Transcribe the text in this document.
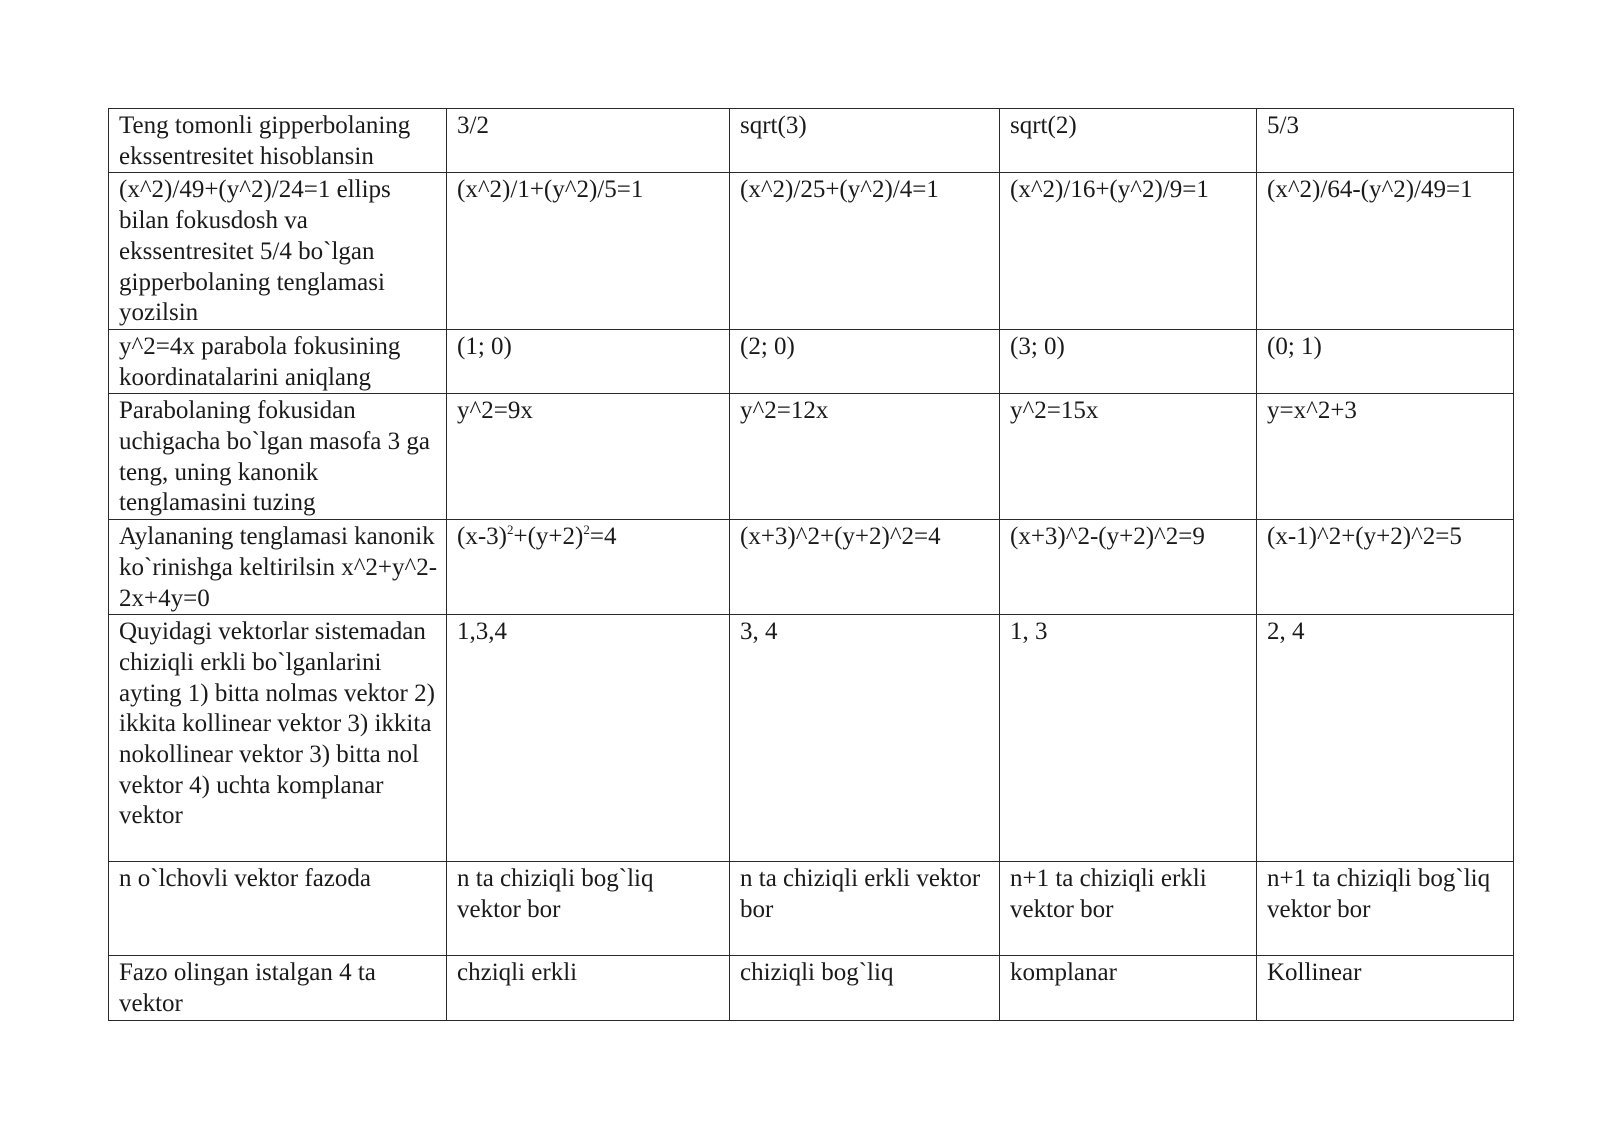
Teng tomonli gipperbolaning ekssentresitet hisoblansin	3/2	sqrt(3)	sqrt(2)	5/3
(x^2)/49+(y^2)/24=1 ellips bilan fokusdosh va ekssentresitet 5/4 bo`lgan gipperbolaning tenglamasi yozilsin	(x^2)/1+(y^2)/5=1	(x^2)/25+(y^2)/4=1	(x^2)/16+(y^2)/9=1	(x^2)/64-(y^2)/49=1
y^2=4x parabola fokusining koordinatalarini aniqlang	(1; 0)	(2; 0)	(3; 0)	(0; 1)
Parabolaning fokusidan uchigacha bo`lgan masofa 3 ga teng, uning kanonik tenglamasini tuzing	y^2=9x	y^2=12x	y^2=15x	y=x^2+3
Aylananing tenglamasi kanonik ko`rinishga keltirilsin x^2+y^2-2x+4y=0	$(x-3)^2+(y+2)^2=4$	(x+3)^2+(y+2)^2=4	(x+3)^2-(y+2)^2=9	(x-1)^2+(y+2)^2=5
Quyidagi vektorlar sistemadan chiziqli erkli bo`lganlarini ayting 1) bitta nolmas vektor 2) ikkita kollinear vektor 3) ikkita nokollinear vektor 3) bitta nol vektor 4) uchta komplanar vektor	1,3,4	3, 4	1, 3	2, 4
n o`lchovli vektor fazoda	n ta chiziqli bog`liq vektor bor	n ta chiziqli erkli vektor bor	n+1 ta chiziqli erkli vektor bor	n+1 ta chiziqli bog`liq vektor bor
Fazo olingan istalgan 4 ta vektor	chziqli erkli	chiziqli bog`liq	komplanar	Kollinear
